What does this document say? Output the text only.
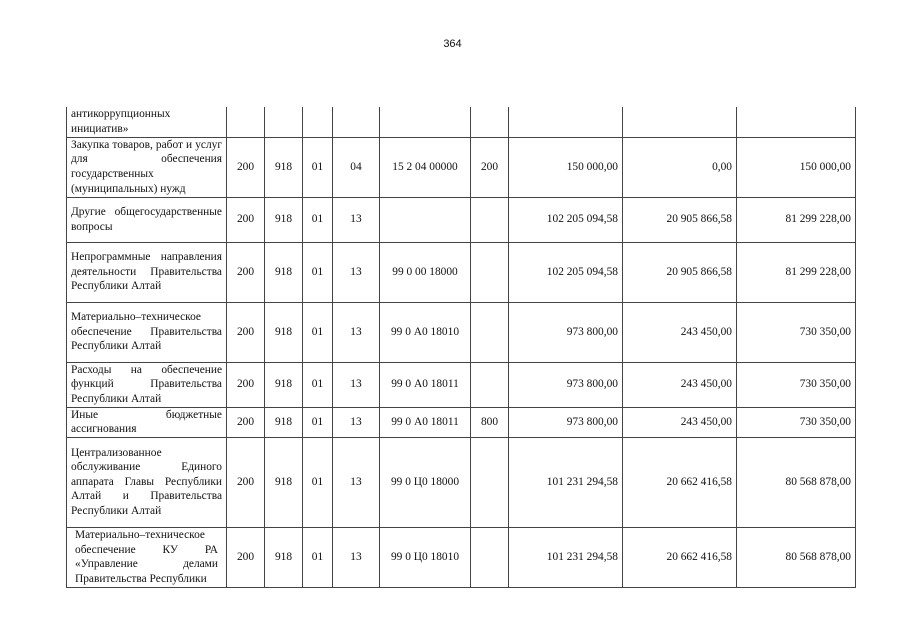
364
антикоррупционных инициатив»									
Закупка товаров, работ и услуг для обеспечения государственных (муниципальных) нужд	200	918	01	04	15 2 04 00000	200	150 000,00	0,00	150 000,00
Другие общегосударственные вопросы	200	918	01	13			102 205 094,58	20 905 866,58	81 299 228,00
Непрограммные направления деятельности Правительства Республики Алтай	200	918	01	13	99 0 00 18000		102 205 094,58	20 905 866,58	81 299 228,00
Материально–техническое обеспечение Правительства Республики Алтай	200	918	01	13	99 0 А0 18010		973 800,00	243 450,00	730 350,00
Расходы на обеспечение функций Правительства Республики Алтай	200	918	01	13	99 0 А0 18011		973 800,00	243 450,00	730 350,00
Иные бюджетные ассигнования	200	918	01	13	99 0 А0 18011	800	973 800,00	243 450,00	730 350,00
Централизованное обслуживание Единого аппарата Главы Республики Алтай и Правительства Республики Алтай	200	918	01	13	99 0 Ц0 18000		101 231 294,58	20 662 416,58	80 568 878,00

Материально–техническое обеспечение КУ РА «Управление делами Правительства Республики	200	918	01	13	99 0 Ц0 18010		101 231 294,58	20 662 416,58	80 568 878,00
